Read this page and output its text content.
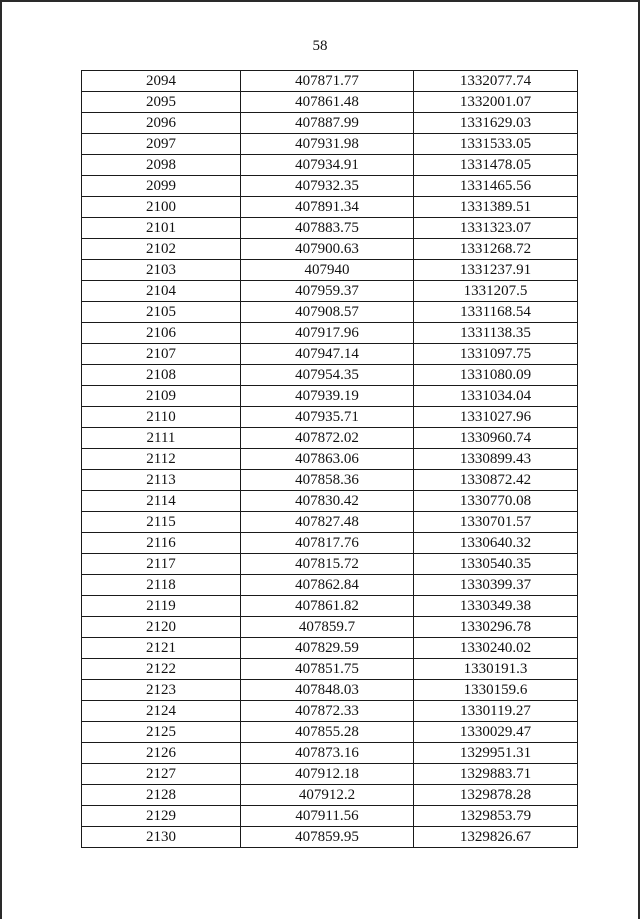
58
2094	407871.77	1332077.74
2095	407861.48	1332001.07
2096	407887.99	1331629.03
2097	407931.98	1331533.05
2098	407934.91	1331478.05
2099	407932.35	1331465.56
2100	407891.34	1331389.51
2101	407883.75	1331323.07
2102	407900.63	1331268.72
2103	407940	1331237.91
2104	407959.37	1331207.5
2105	407908.57	1331168.54
2106	407917.96	1331138.35
2107	407947.14	1331097.75
2108	407954.35	1331080.09
2109	407939.19	1331034.04
2110	407935.71	1331027.96
2111	407872.02	1330960.74
2112	407863.06	1330899.43
2113	407858.36	1330872.42
2114	407830.42	1330770.08
2115	407827.48	1330701.57
2116	407817.76	1330640.32
2117	407815.72	1330540.35
2118	407862.84	1330399.37
2119	407861.82	1330349.38
2120	407859.7	1330296.78
2121	407829.59	1330240.02
2122	407851.75	1330191.3
2123	407848.03	1330159.6
2124	407872.33	1330119.27
2125	407855.28	1330029.47
2126	407873.16	1329951.31
2127	407912.18	1329883.71
2128	407912.2	1329878.28
2129	407911.56	1329853.79
2130	407859.95	1329826.67
